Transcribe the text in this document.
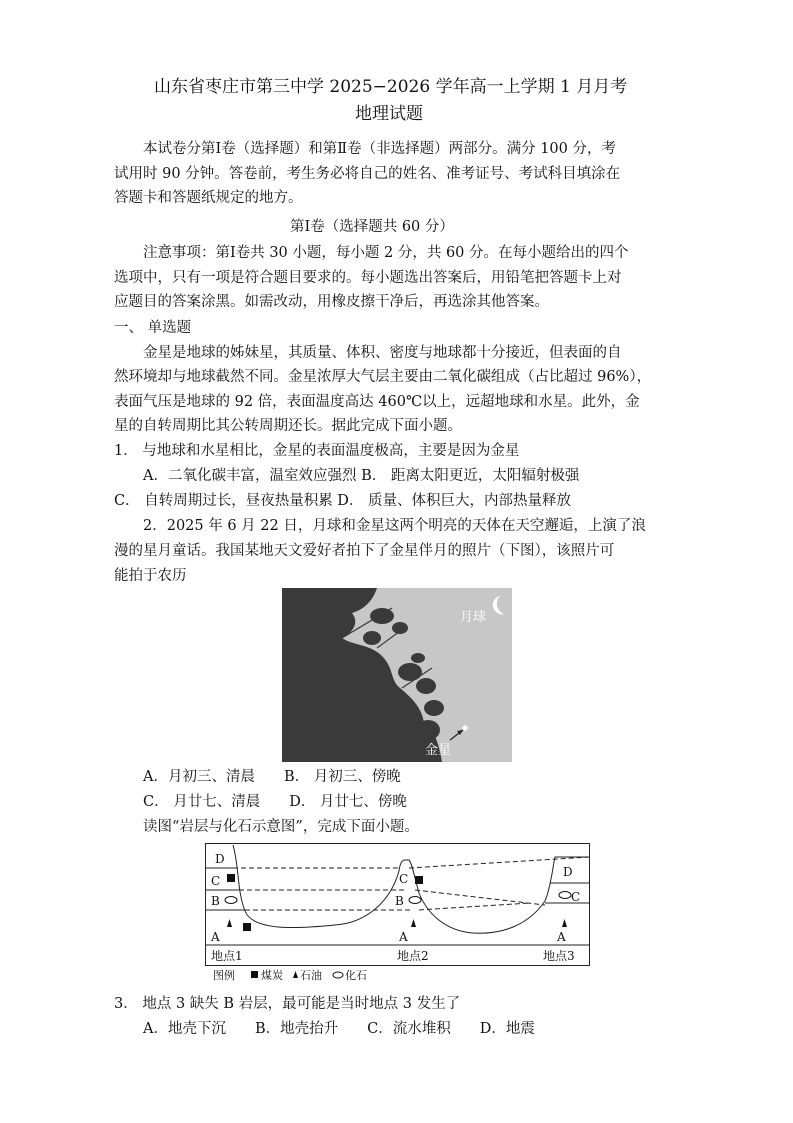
山东省枣庄市第三中学 2025−2026 学年高一上学期 1 月月考
地理试题
本试卷分第Ⅰ卷（选择题）和第Ⅱ卷（非选择题）两部分。满分 100 分，考
试用时 90 分钟。答卷前，考生务必将自己的姓名、准考证号、考试科目填涂在
答题卡和答题纸规定的地方。
第Ⅰ卷（选择题共 60 分）
注意事项：第Ⅰ卷共 30 小题，每小题 2 分，共 60 分。在每小题给出的四个
选项中，只有一项是符合题目要求的。每小题选出答案后，用铅笔把答题卡上对
应题目的答案涂黑。如需改动，用橡皮擦干净后，再选涂其他答案。
一、 单选题
金星是地球的姊妹星，其质量、体积、密度与地球都十分接近，但表面的自
然环境却与地球截然不同。金星浓厚大气层主要由二氧化碳组成（占比超过 96%），
表面气压是地球的 92 倍，表面温度高达 460℃以上，远超地球和水星。此外，金
星的自转周期比其公转周期还长。据此完成下面小题。
1． 与地球和水星相比，金星的表面温度极高，主要是因为金星
A．二氧化碳丰富，温室效应强烈 B． 距离太阳更近，太阳辐射极强
C． 自转周期过长，昼夜热量积累 D． 质量、体积巨大，内部热量释放
2．2025 年 6 月 22 日，月球和金星这两个明亮的天体在天空邂逅，上演了浪
漫的星月童话。我国某地天文爱好者拍下了金星伴月的照片（下图），该照片可
能拍于农历
月球
金星
A．月初三、清晨　　B． 月初三、傍晚
C． 月廿七、清晨　　D． 月廿七、傍晚
读图“岩层与化石示意图”，完成下面小题。
D
C
B
A
C
B
A
D
C
A
地点1	地点2	地点3
图例 煤炭 石油 化石
3． 地点 3 缺失 B 岩层，最可能是当时地点 3 发生了
A．地壳下沉　　B．地壳抬升　　C．流水堆积　　D．地震
